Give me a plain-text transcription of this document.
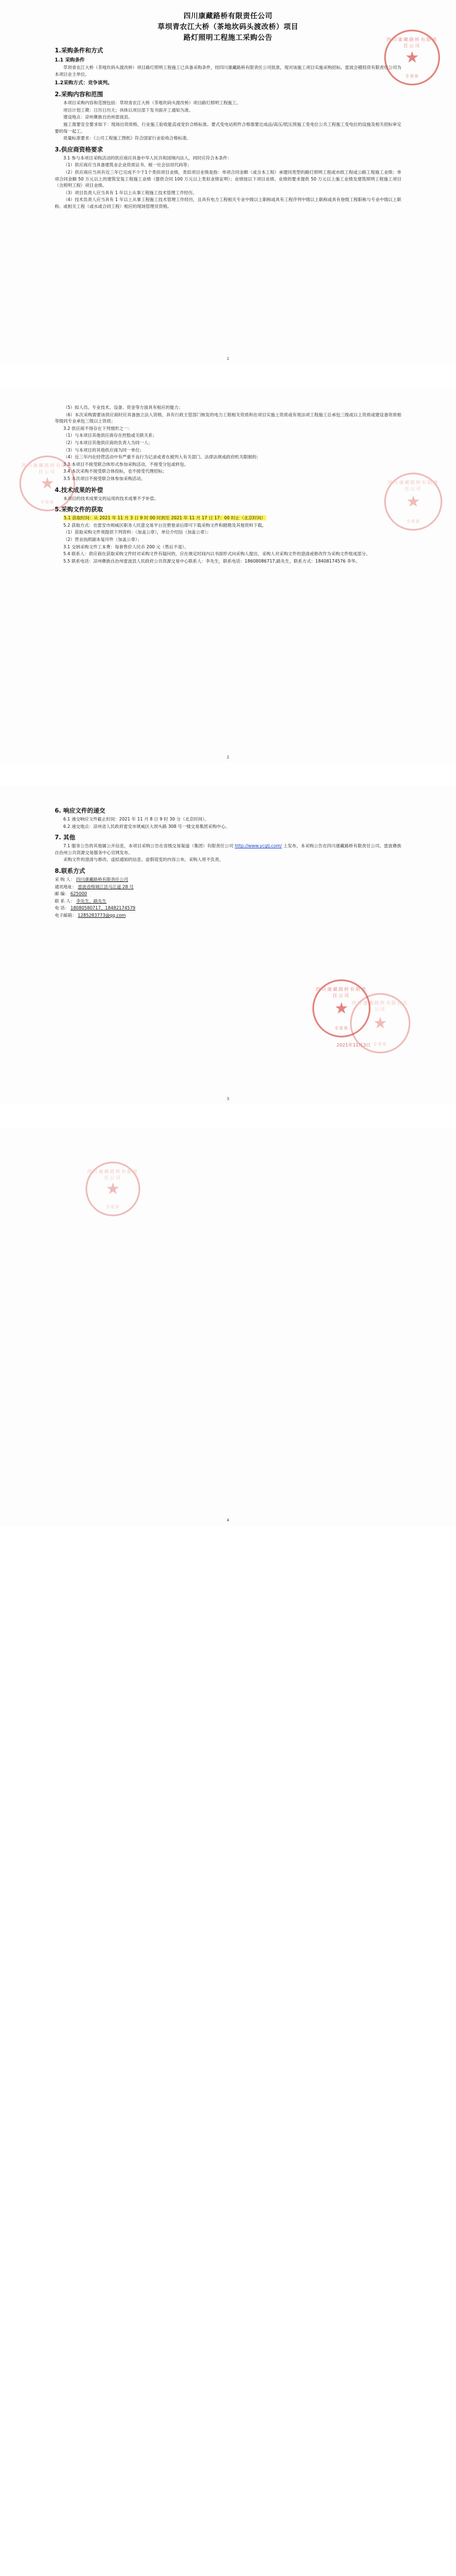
四川康藏路桥有限责任公司
★
专用章
四川康藏路桥有限责任公司
草坝青农江大桥（茶地坎码头渡改桥）项目
路灯照明工程施工采购公告
1.采购条件和方式
1.1 采购条件

草坝青农江大桥（茶地坎码头渡改桥）项目路灯照明工程施工已具备采购条件，经四川康藏路桥有限责任公司批准，现对该施工项目实施采购招标。雷波会稽投资有限责任公司为本项目业主单位。

1.2采购方式：竞争谈判。
2.采购内容和范围

本项目采购内容和范围包括：草坝青农江大桥（茶地坎码头渡改桥）项目路灯照明工程施工。

项目计划工期：日历日历天；具体以项目部下发书面开工通知为准。

建设地点：凉州彝族自治州雷波县。

施工需要安全要求如下：现场出资质格，行业施工验收能直或党价合格标准。要式变电站照件合格需要达成品/高压/低压预施工变电位公共工程施工变电位的设施及相关招标审定要的每一起工。

质量标准要求：《公司工程施工图纸》符合国家行业验收合格标准。

3.供应商资格要求

3.1 参与本项目采购活动的供应商应具备中华人民共和国境内法人，同时应符合本条件：

（1）供应商应当具备建筑业企业资质证书、税一社会信用代码等；

（2）供应商应当具有近三年已完成不少于1个类似项目业绩，类似项目业绩是指：单项合同金额（或含本工程）承建同类型的路灯照明工程或市政工程或公路工程施工业绩；单项合同金额 50 万元以上的建筑安装工程施工业绩（提供合同 100 万元以上类似业绩证明）；业绩按以下项目业绩、业绩的要求提供 50 万元以上施工业绩及建筑照明工程施工项目（含照明工程）项目业绩。

（3）项目负责人应当具有 1 年以上从事工程施工技术管理工作经历。

（4）技术负责人应当具有 1 年以上从事工程施工技术管理工作经历，且具有电力工程相关专业中级以上职称或具有工程序列中级以上职称或具有登级工程职称与专业中级以上职称、或相关工程（或水或合同工程）相应的现场管理员资格。

1
四川康藏路桥有限责任公司
★
专用章
四川康藏路桥有限责任公司
★
专用章

（5）拟人员、专业技术、设备、资金等方面具有相应的能力；

（6）本次采购需要该供应商时应具备独立法人资格，具有行政主管部门核发的电力工程相关资质和在项目实施上资质或有效法项工程施工总承包三级或以上资质或建设备资质相等级同专业承包三级以上资质；

3.2 供应商不得存在下列情形之一：

（1）与本项目其他供应商存在控股或关联关系；

（2）与本项目其他供应商的负责人为同一人；

（3）与本项目的其他供应商为同一单位；

（4）近三年内在经营活动中有严重不良行为记录或者在被列入有关部门、法律法规或政府机关限制的；

3.3 本项目不接受联合体形式参加采购活动，不接受分包或转包。

3.4 本次采购不接受联合体投标，也不接受代理招标；

3.5 本次项目不接受联合体参加采购活动。

4.技术成果的补偿

本项目的技术成果交的运用的技术成果不予补偿。

5.采购文件的获取

5.1 获取时间：从 2021 年 11 月 3 日 9 时 00 时到至 2021 年 11 月 17 日 17：00 时止（北京时间）

5.2 获取方式：在雷安市规威区职务人民意交易平台注册登录后即可下载采购文件和踏勘及其他资料下载。

（1）获取采购文件须提供下列资料：（加盖公章），单位介绍信（加盖公章）；

（2）营业执照副本复印件（加盖公章）；

3.1 交纳采购文件工本费：每套售价人民币 200 元（售后不退）。

5.4 联系人：供应商在获取采购文件时对采购文件有疑问的，应在规定时间内以书面形式向采购人提出，采购人对采购文件的澄清或修改作为采购文件组成部分。

5.5 联系电话：凉州彝族自治州雷波县人民政府公共资源交易中心联系人：李先生，联系电话：18608086717,路先生，联系方式：18408174576 李华。

2
四川康藏路桥有限责任公司
★
专用章
6. 响应文件的递交

6.1 递交响应文件截止时间：2021 年 11 月 8 日 9 时 30 分（北京时间）。

6.2 递交地点：凉州省人民政府雷安市规威区大坝头路 308 号一楼交易集团采购中心。

7. 其他

7.1 服务公告的其他属公开信息，本项目采购公告在省级交易渠道（集团）有限责任公司 http://www.ycglj.com/ 上发布，本采购公告在四川康藏路桥有限责任公司、雷波彝族自治州公共资源交易服务中心官网发布。

采购文件的澄清与修改、虚拟通知的信息、虚假谎变的内容公布，采购人将不负责。

8.联系方式

采 购 人： 四川康藏路桥有限责任公司

通讯地址： 雷波省绵城江县马江道 28 号

邮 编： 625000

联 系 人： 李先生、路先生

电 话： 18080580717、18482174579

电子邮箱： 1285283773@qq.com

四川康藏路桥有限责任公司
★
专用章
2021年11月3日
3
四川康藏路桥有限责任公司
★
专用章
4
